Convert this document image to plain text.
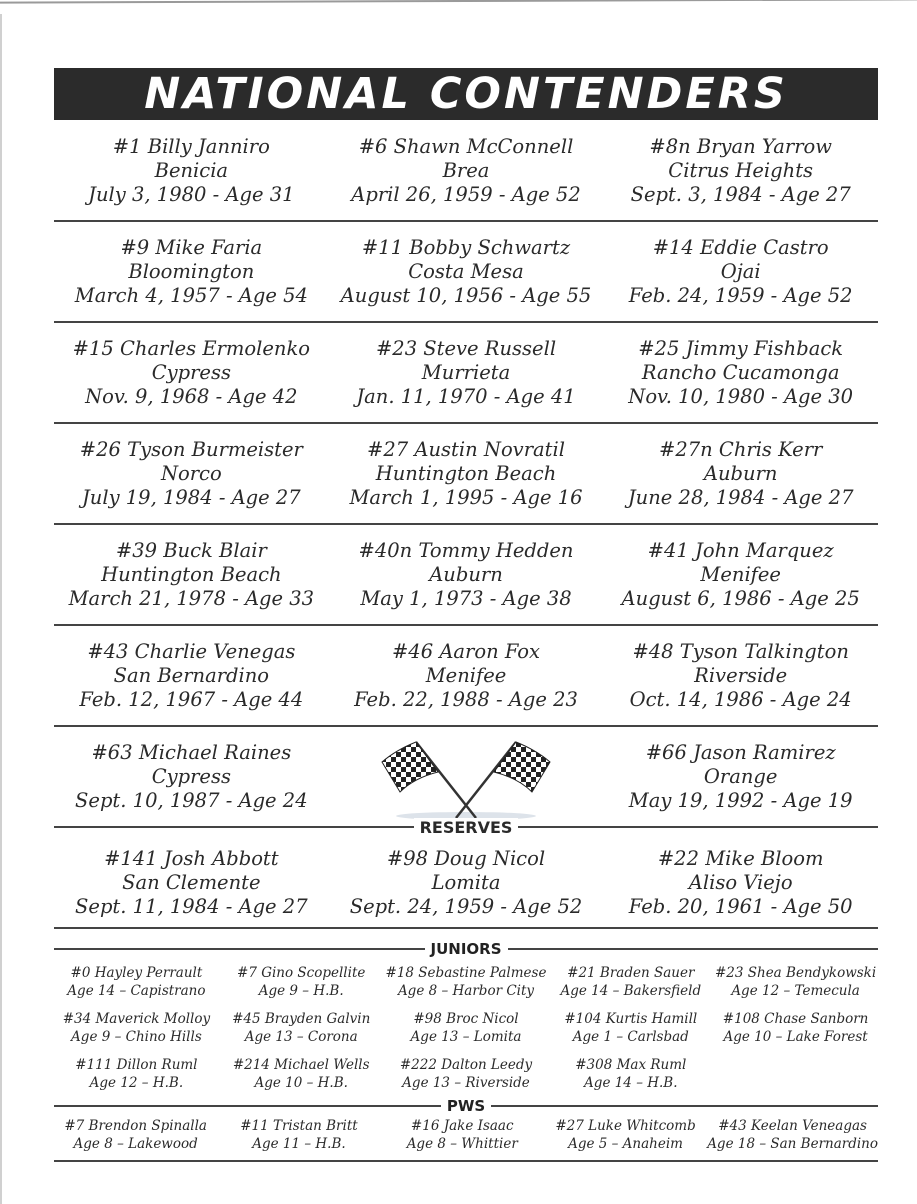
NATIONAL CONTENDERS
#1 Billy Janniro
Benicia
July 3, 1980 - Age 31
#6 Shawn McConnell
Brea
April 26, 1959 - Age 52
#8n Bryan Yarrow
Citrus Heights
Sept. 3, 1984 - Age 27
#9 Mike Faria
Bloomington
March 4, 1957 - Age 54
#11 Bobby Schwartz
Costa Mesa
August 10, 1956 - Age 55
#14 Eddie Castro
Ojai
Feb. 24, 1959 - Age 52
#15 Charles Ermolenko
Cypress
Nov. 9, 1968 - Age 42
#23 Steve Russell
Murrieta
Jan. 11, 1970 - Age 41
#25 Jimmy Fishback
Rancho Cucamonga
Nov. 10, 1980 - Age 30
#26 Tyson Burmeister
Norco
July 19, 1984 - Age 27
#27 Austin Novratil
Huntington Beach
March 1, 1995 - Age 16
#27n Chris Kerr
Auburn
June 28, 1984 - Age 27
#39 Buck Blair
Huntington Beach
March 21, 1978 - Age 33
#40n Tommy Hedden
Auburn
May 1, 1973 - Age 38
#41 John Marquez
Menifee
August 6, 1986 - Age 25
#43 Charlie Venegas
San Bernardino
Feb. 12, 1967 - Age 44
#46 Aaron Fox
Menifee
Feb. 22, 1988 - Age 23
#48 Tyson Talkington
Riverside
Oct. 14, 1986 - Age 24
#63 Michael Raines
Cypress
Sept. 10, 1987 - Age 24
#66 Jason Ramirez
Orange
May 19, 1992 - Age 19
RESERVES
#141 Josh Abbott
San Clemente
Sept. 11, 1984 - Age 27
#98 Doug Nicol
Lomita
Sept. 24, 1959 - Age 52
#22 Mike Bloom
Aliso Viejo
Feb. 20, 1961 - Age 50
JUNIORS
#0 Hayley Perrault
Age 14 – Capistrano
#7 Gino Scopellite
Age 9 – H.B.
#18 Sebastine Palmese
Age 8 – Harbor City
#21 Braden Sauer
Age 14 – Bakersfield
#23 Shea Bendykowski
Age 12 – Temecula
#34 Maverick Molloy
Age 9 – Chino Hills
#45 Brayden Galvin
Age 13 – Corona
#98 Broc Nicol
Age 13 – Lomita
#104 Kurtis Hamill
Age 1 – Carlsbad
#108 Chase Sanborn
Age 10 – Lake Forest
#111 Dillon Ruml
Age 12 – H.B.
#214 Michael Wells
Age 10 – H.B.
#222 Dalton Leedy
Age 13 – Riverside
#308 Max Ruml
Age 14 – H.B.
PWS
#7 Brendon Spinalla
Age 8 – Lakewood
#11 Tristan Britt
Age 11 – H.B.
#16 Jake Isaac
Age 8 – Whittier
#27 Luke Whitcomb
Age 5 – Anaheim
#43 Keelan Veneagas
Age 18 – San Bernardino
